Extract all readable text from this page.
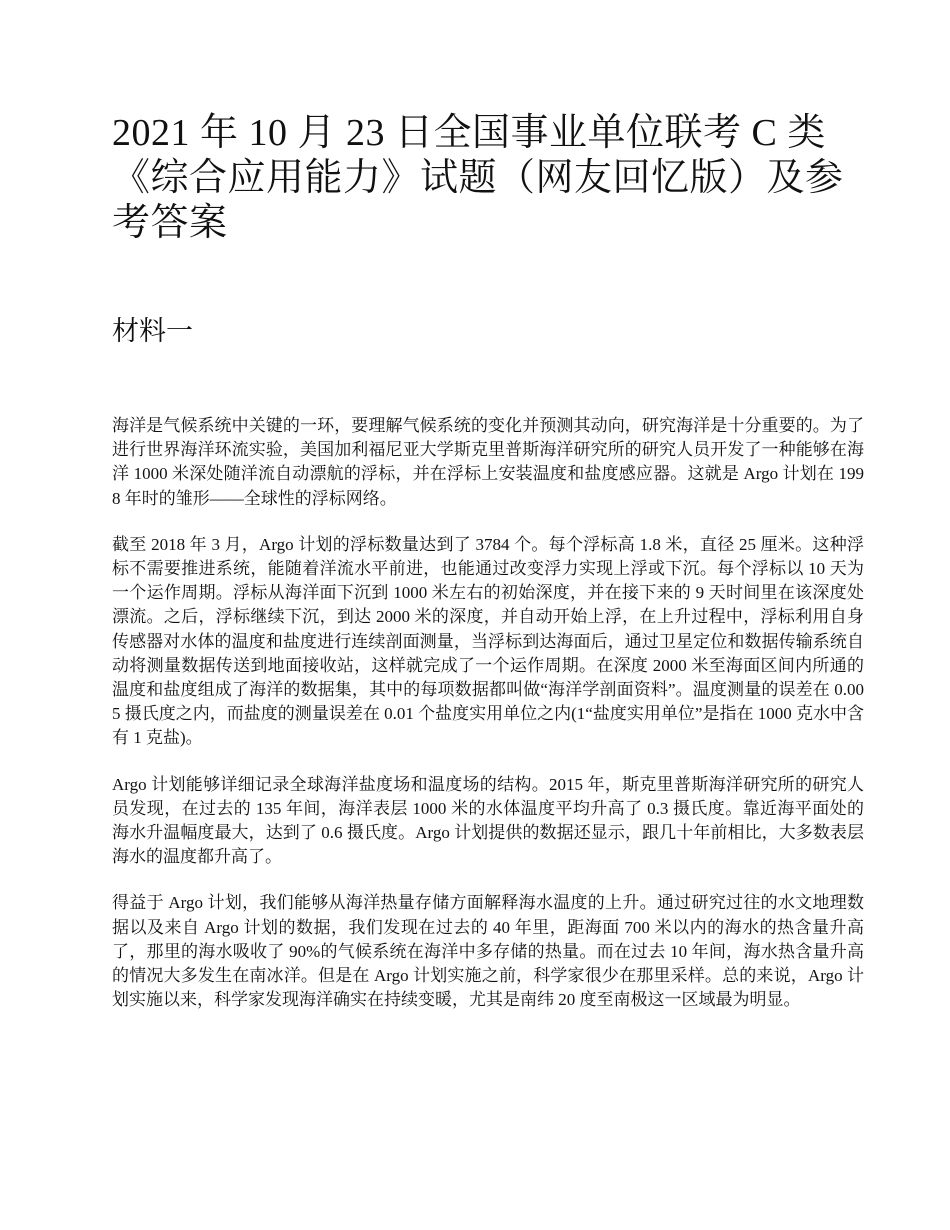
2021 年 10 月 23 日全国事业单位联考 C 类《综合应用能力》试题（网友回忆版）及参考答案
材料一

海洋是气候系统中关键的一环，要理解气候系统的变化并预测其动向，研究海洋是十分重要的。为了进行世界海洋环流实验，美国加利福尼亚大学斯克里普斯海洋研究所的研究人员开发了一种能够在海洋 1000 米深处随洋流自动漂航的浮标，并在浮标上安装温度和盐度感应器。这就是 Argo 计划在 1998 年时的雏形——全球性的浮标网络。

截至 2018 年 3 月，Argo 计划的浮标数量达到了 3784 个。每个浮标高 1.8 米，直径 25 厘米。这种浮标不需要推进系统，能随着洋流水平前进，也能通过改变浮力实现上浮或下沉。每个浮标以 10 天为一个运作周期。浮标从海洋面下沉到 1000 米左右的初始深度，并在接下来的 9 天时间里在该深度处漂流。之后，浮标继续下沉，到达 2000 米的深度，并自动开始上浮，在上升过程中，浮标利用自身传感器对水体的温度和盐度进行连续剖面测量，当浮标到达海面后，通过卫星定位和数据传输系统自动将测量数据传送到地面接收站，这样就完成了一个运作周期。在深度 2000 米至海面区间内所通的温度和盐度组成了海洋的数据集，其中的每项数据都叫做“海洋学剖面资料”。温度测量的误差在 0.005 摄氏度之内，而盐度的测量误差在 0.01 个盐度实用单位之内(1“盐度实用单位”是指在 1000 克水中含有 1 克盐)。

Argo 计划能够详细记录全球海洋盐度场和温度场的结构。2015 年，斯克里普斯海洋研究所的研究人员发现，在过去的 135 年间，海洋表层 1000 米的水体温度平均升高了 0.3 摄氏度。靠近海平面处的海水升温幅度最大，达到了 0.6 摄氏度。Argo 计划提供的数据还显示，跟几十年前相比，大多数表层海水的温度都升高了。

得益于 Argo 计划，我们能够从海洋热量存储方面解释海水温度的上升。通过研究过往的水文地理数据以及来自 Argo 计划的数据，我们发现在过去的 40 年里，距海面 700 米以内的海水的热含量升高了，那里的海水吸收了 90%的气候系统在海洋中多存储的热量。而在过去 10 年间，海水热含量升高的情况大多发生在南冰洋。但是在 Argo 计划实施之前，科学家很少在那里采样。总的来说，Argo 计划实施以来，科学家发现海洋确实在持续变暖，尤其是南纬 20 度至南极这一区域最为明显。
